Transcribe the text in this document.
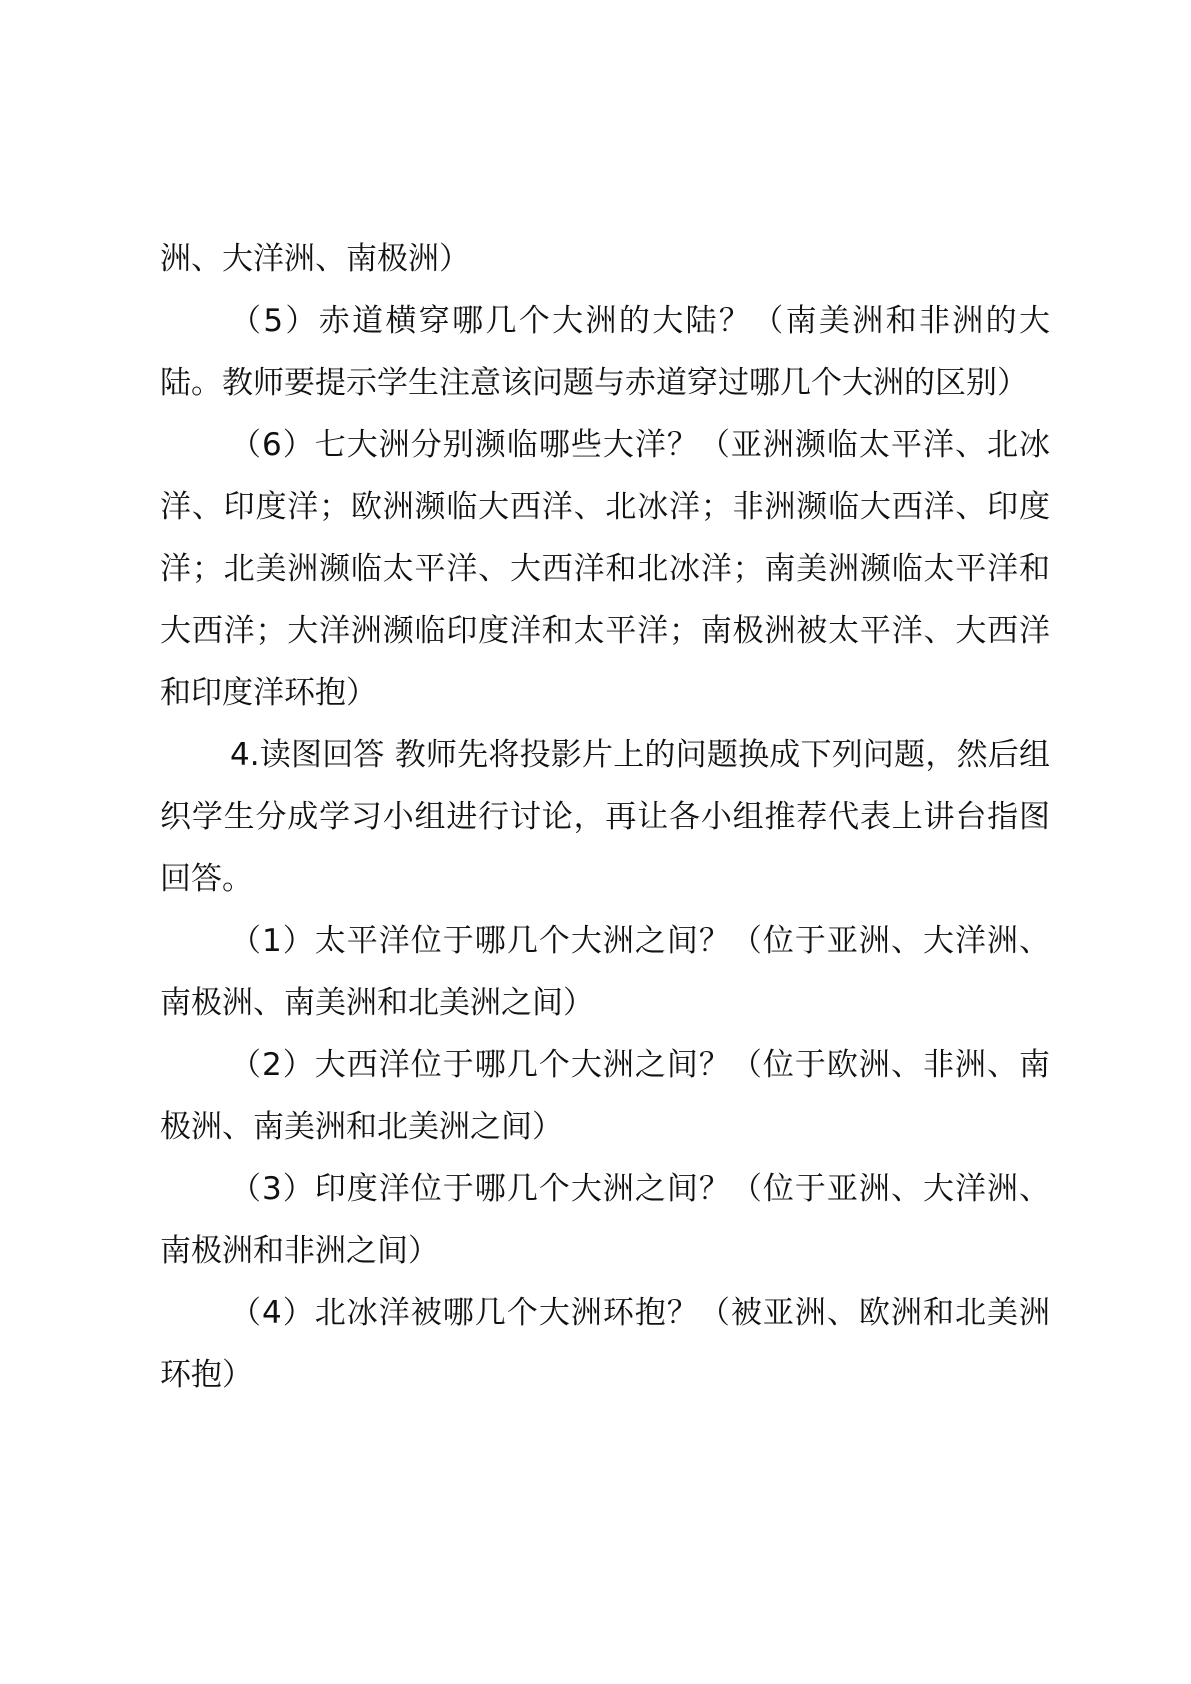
洲、大洋洲、南极洲）

（5）赤道横穿哪几个大洲的大陆？（南美洲和非洲的大陆。教师要提示学生注意该问题与赤道穿过哪几个大洲的区别）

（6）七大洲分别濒临哪些大洋？（亚洲濒临太平洋、北冰洋、印度洋；欧洲濒临大西洋、北冰洋；非洲濒临大西洋、印度洋；北美洲濒临太平洋、大西洋和北冰洋；南美洲濒临太平洋和大西洋；大洋洲濒临印度洋和太平洋；南极洲被太平洋、大西洋和印度洋环抱）

4.读图回答 教师先将投影片上的问题换成下列问题，然后组织学生分成学习小组进行讨论，再让各小组推荐代表上讲台指图回答。

（1）太平洋位于哪几个大洲之间？（位于亚洲、大洋洲、南极洲、南美洲和北美洲之间）

（2）大西洋位于哪几个大洲之间？（位于欧洲、非洲、南极洲、南美洲和北美洲之间）

（3）印度洋位于哪几个大洲之间？（位于亚洲、大洋洲、南极洲和非洲之间）

（4）北冰洋被哪几个大洲环抱？（被亚洲、欧洲和北美洲环抱）
